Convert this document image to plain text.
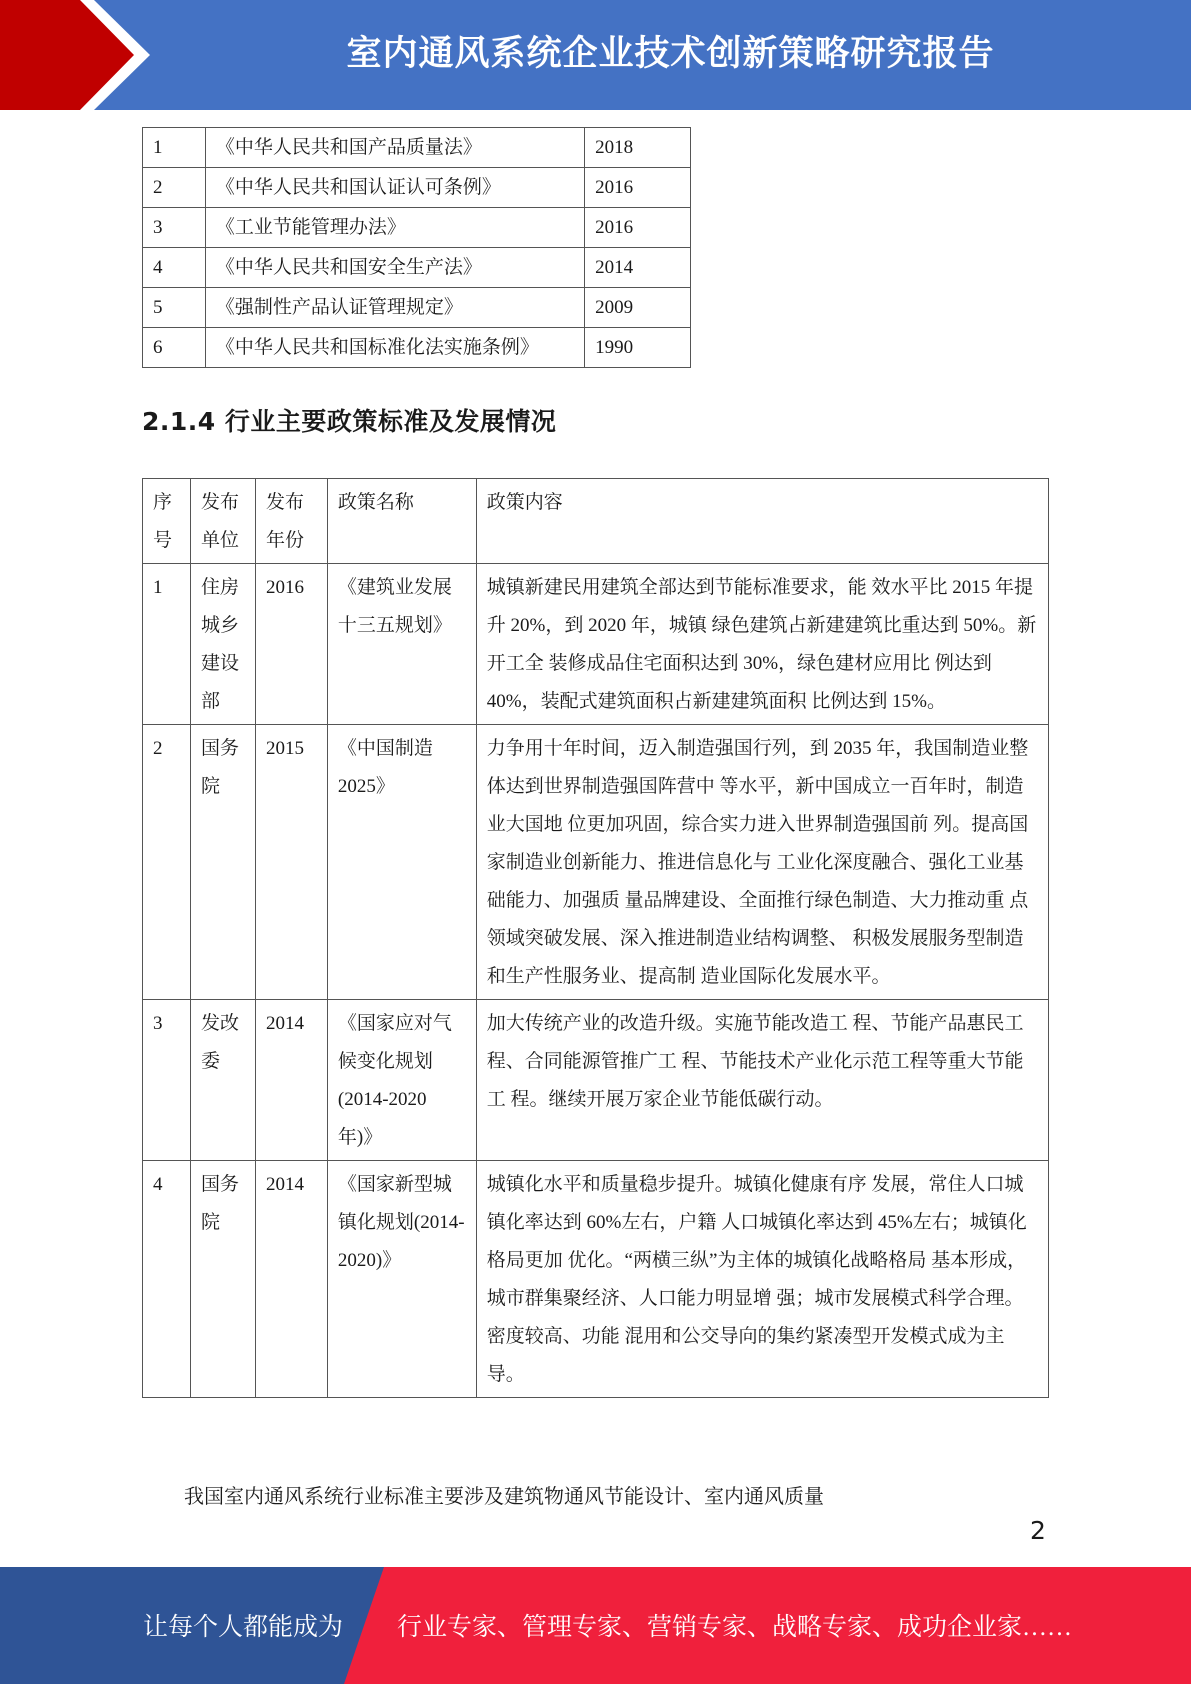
室内通风系统企业技术创新策略研究报告
1	《中华人民共和国产品质量法》	2018
2	《中华人民共和国认证认可条例》	2016
3	《工业节能管理办法》	2016
4	《中华人民共和国安全生产法》	2014
5	《强制性产品认证管理规定》	2009
6	《中华人民共和国标准化法实施条例》	1990
2.1.4 行业主要政策标准及发展情况
序号	发布单位	发布年份	政策名称	政策内容
1	住房城乡建设部	2016	《建筑业发展十三五规划》	城镇新建民用建筑全部达到节能标准要求，能 效水平比 2015 年提升 20%，到 2020 年，城镇 绿色建筑占新建建筑比重达到 50%。新开工全 装修成品住宅面积达到 30%，绿色建材应用比 例达到 40%，装配式建筑面积占新建建筑面积 比例达到 15%。
2	国务院	2015	《中国制造 2025》	力争用十年时间，迈入制造强国行列，到 2035 年，我国制造业整体达到世界制造强国阵营中 等水平，新中国成立一百年时，制造业大国地 位更加巩固，综合实力进入世界制造强国前 列。提高国家制造业创新能力、推进信息化与 工业化深度融合、强化工业基础能力、加强质 量品牌建设、全面推行绿色制造、大力推动重 点领域突破发展、深入推进制造业结构调整、 积极发展服务型制造和生产性服务业、提高制 造业国际化发展水平。
3	发改委	2014	《国家应对气候变化规划(2014-2020 年)》	加大传统产业的改造升级。实施节能改造工 程、节能产品惠民工程、合同能源管推广工 程、节能技术产业化示范工程等重大节能工 程。继续开展万家企业节能低碳行动。
4	国务院	2014	《国家新型城镇化规划(2014-2020)》	城镇化水平和质量稳步提升。城镇化健康有序 发展，常住人口城镇化率达到 60%左右，户籍 人口城镇化率达到 45%左右；城镇化格局更加 优化。“两横三纵”为主体的城镇化战略格局 基本形成，城市群集聚经济、人口能力明显增 强；城市发展模式科学合理。密度较高、功能 混用和公交导向的集约紧凑型开发模式成为主 导。
我国室内通风系统行业标准主要涉及建筑物通风节能设计、室内通风质量
2
让每个人都能成为 行业专家、管理专家、营销专家、战略专家、成功企业家……
